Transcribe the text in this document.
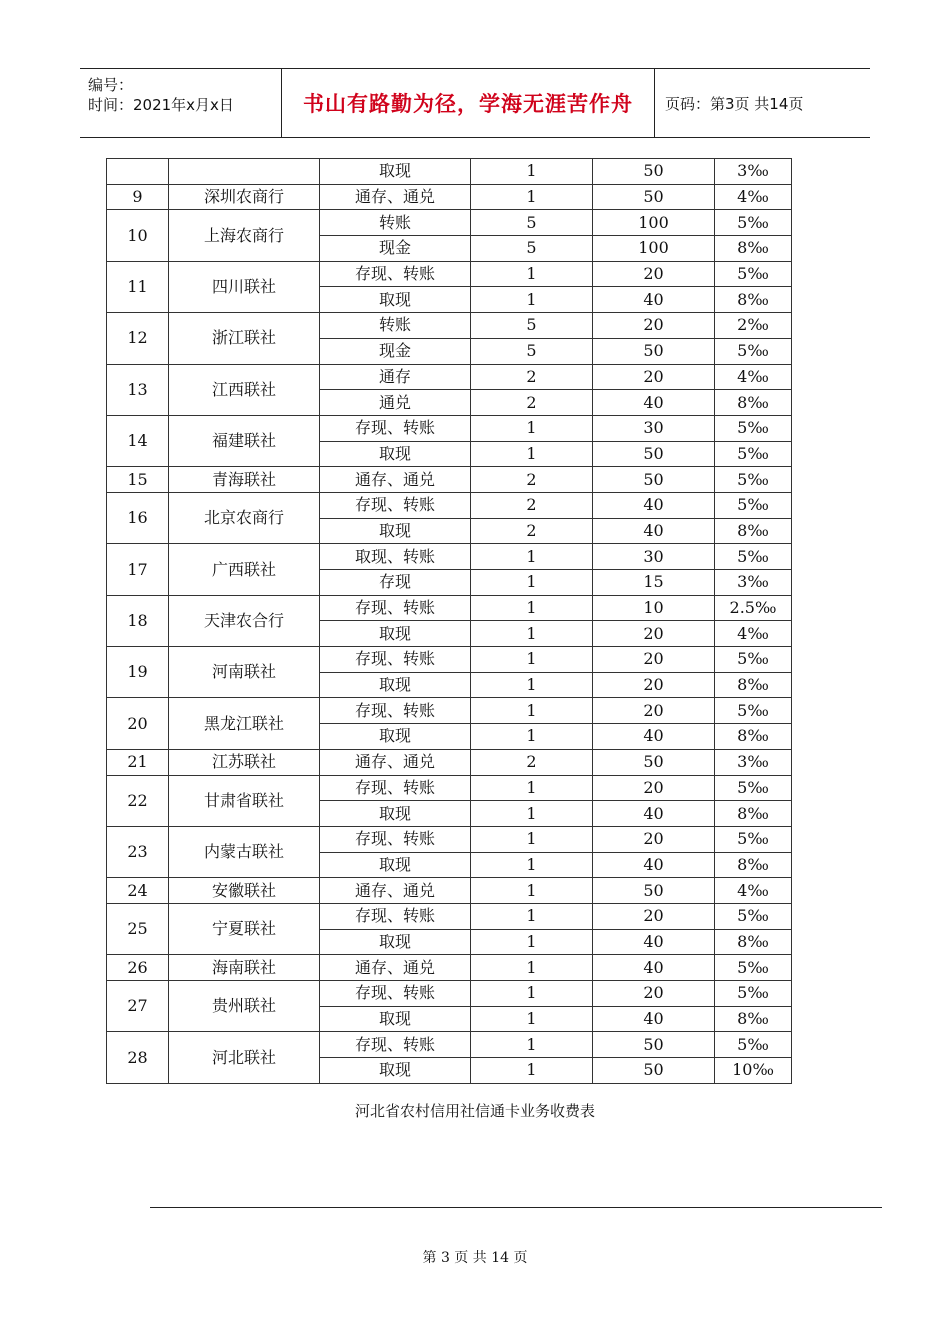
编号：
时间：2021年x月x日	书山有路勤为径，学海无涯苦作舟	页码：第3页 共14页
		取现	1	50	3‰
9	深圳农商行	通存、通兑	1	50	4‰
10	上海农商行	转账	5	100	5‰
		现金	5	100	8‰
11	四川联社	存现、转账	1	20	5‰
		取现	1	40	8‰
12	浙江联社	转账	5	20	2‰
		现金	5	50	5‰
13	江西联社	通存	2	20	4‰
		通兑	2	40	8‰
14	福建联社	存现、转账	1	30	5‰
		取现	1	50	5‰
15	青海联社	通存、通兑	2	50	5‰
16	北京农商行	存现、转账	2	40	5‰
		取现	2	40	8‰
17	广西联社	取现、转账	1	30	5‰
		存现	1	15	3‰
18	天津农合行	存现、转账	1	10	2.5‰
		取现	1	20	4‰
19	河南联社	存现、转账	1	20	5‰
		取现	1	20	8‰
20	黑龙江联社	存现、转账	1	20	5‰
		取现	1	40	8‰
21	江苏联社	通存、通兑	2	50	3‰
22	甘肃省联社	存现、转账	1	20	5‰
		取现	1	40	8‰
23	内蒙古联社	存现、转账	1	20	5‰
		取现	1	40	8‰
24	安徽联社	通存、通兑	1	50	4‰
25	宁夏联社	存现、转账	1	20	5‰
		取现	1	40	8‰
26	海南联社	通存、通兑	1	40	5‰
27	贵州联社	存现、转账	1	20	5‰
		取现	1	40	8‰
28	河北联社	存现、转账	1	50	5‰
		取现	1	50	10‰
河北省农村信用社信通卡业务收费表
第 3 页 共 14 页
